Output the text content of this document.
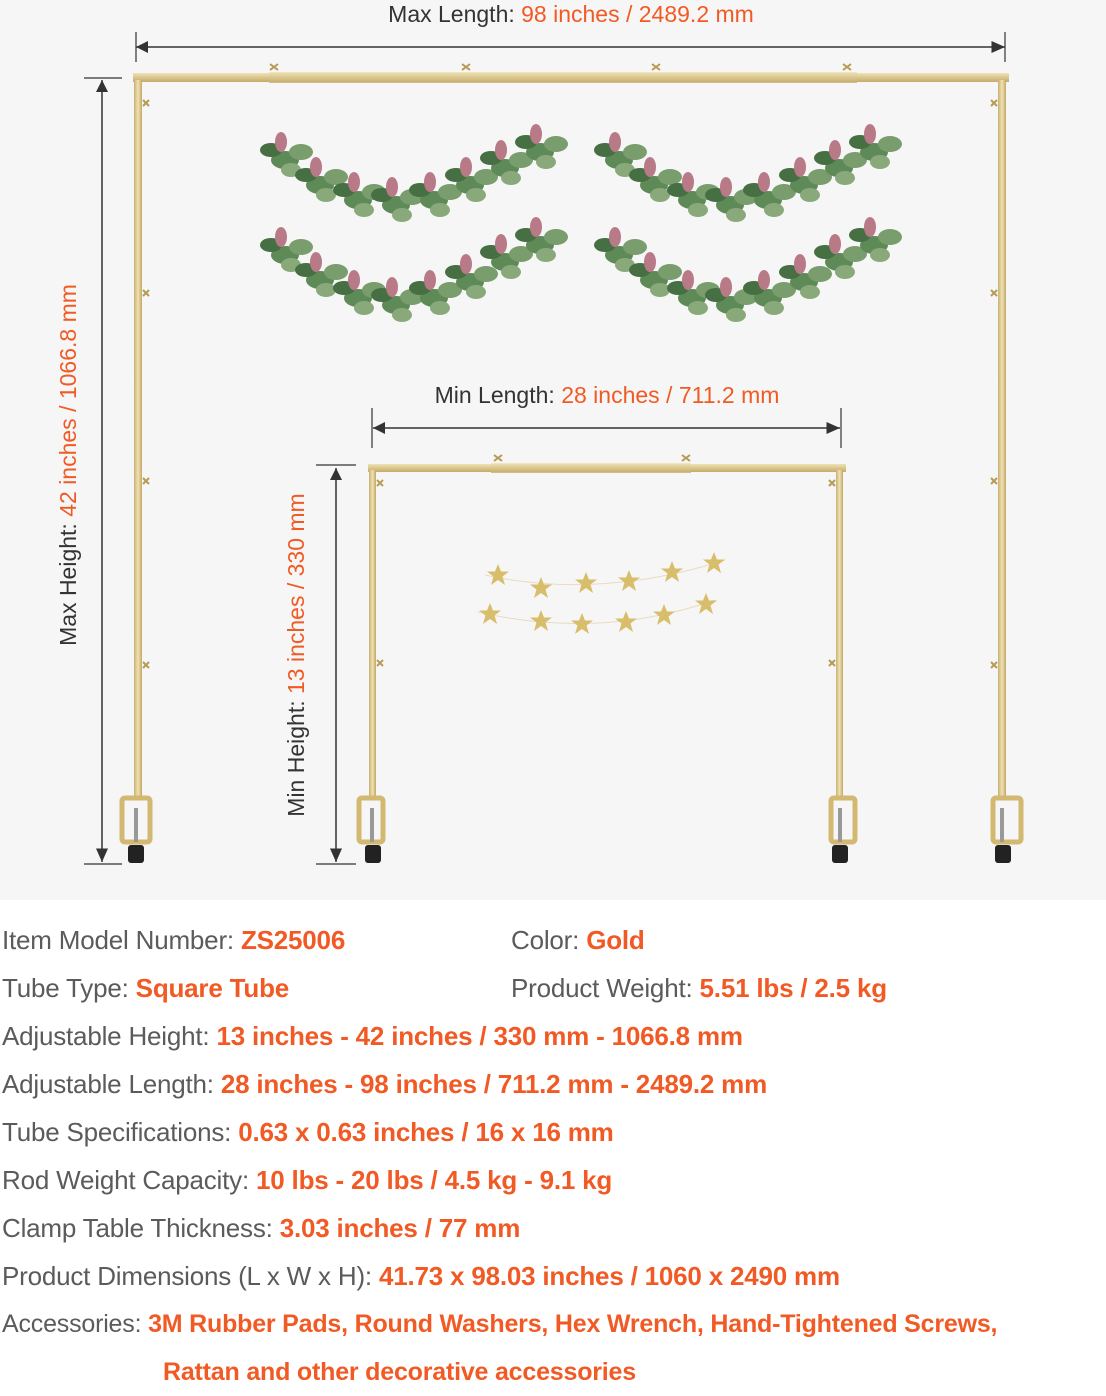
Max Length: 98 inches / 2489.2 mm
Max Height: 42 inches / 1066.8 mm	Min Length: 28 inches / 711.2 mm
Min Height: 13 inches / 330 mm
Item Model Number: ZS25006	Color: Gold
Tube Type: Square Tube	Product Weight: 5.51 lbs / 2.5 kg
Adjustable Height: 13 inches - 42 inches / 330 mm - 1066.8 mm
Adjustable Length: 28 inches - 98 inches / 711.2 mm - 2489.2 mm
Tube Specifications: 0.63 x 0.63 inches / 16 x 16 mm
Rod Weight Capacity: 10 lbs - 20 lbs / 4.5 kg - 9.1 kg
Clamp Table Thickness: 3.03 inches / 77 mm
Product Dimensions (L x W x H): 41.73 x 98.03 inches / 1060 x 2490 mm
Accessories: 3M Rubber Pads, Round Washers, Hex Wrench, Hand-Tightened Screws,
Rattan and other decorative accessories
